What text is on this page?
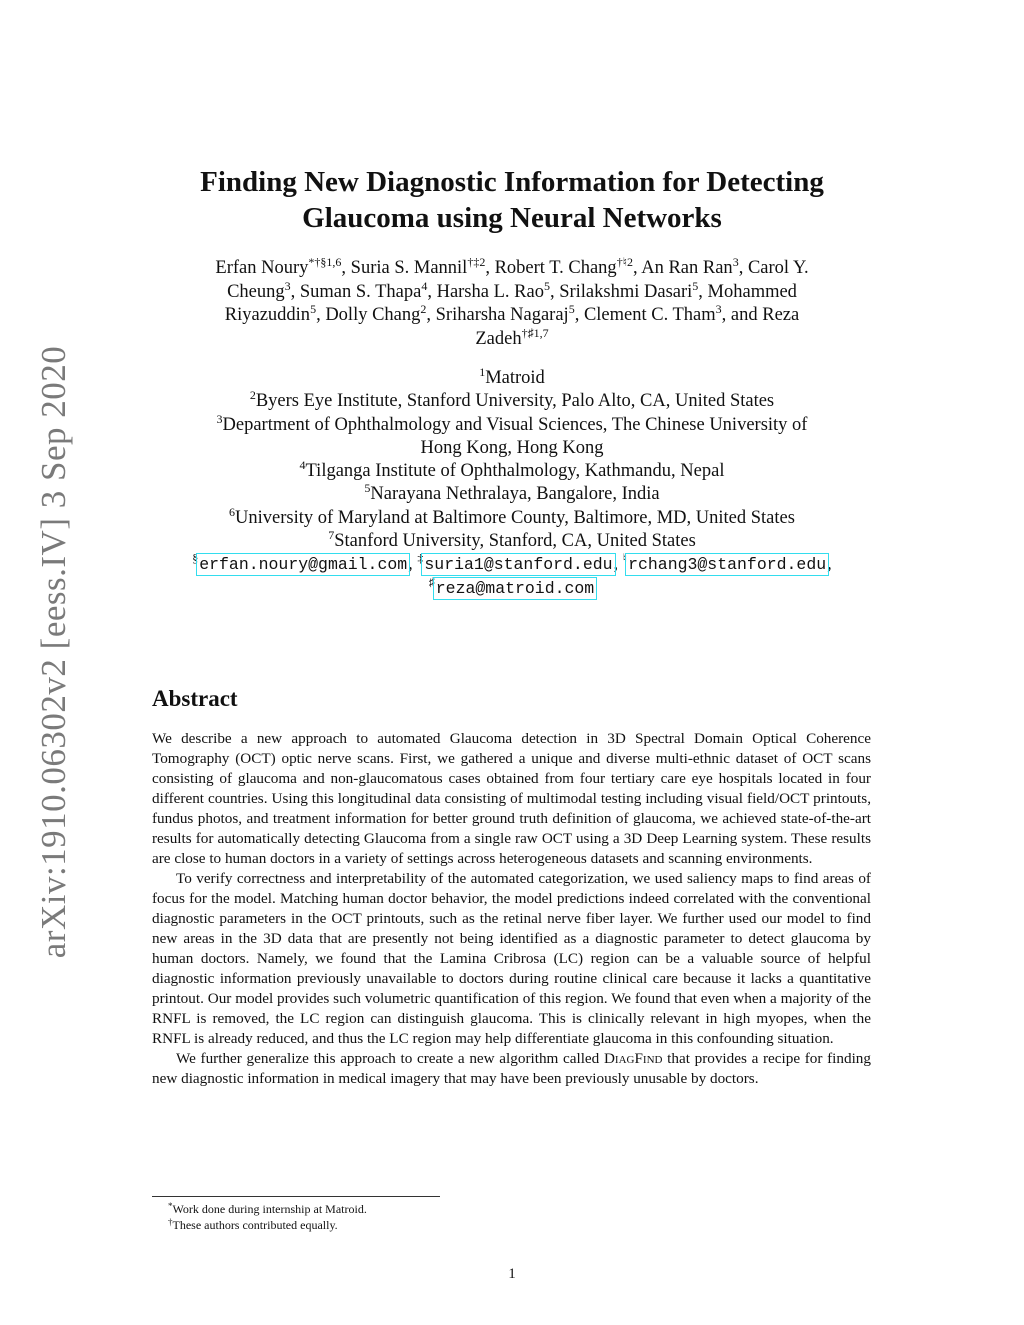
arXiv:1910.06302v2 [eess.IV] 3 Sep 2020
Finding New Diagnostic Information for Detecting
Glaucoma using Neural Networks
Erfan Noury$^{*\dagger\S 1,6}$, Suria S. Mannil$^{\dagger\ddagger 2}$, Robert T. Chang$^{\dagger♮2}$, An Ran Ran$^3$, Carol Y.
Cheung$^3$, Suman S. Thapa$^4$, Harsha L. Rao$^5$, Srilakshmi Dasari$^5$, Mohammed
Riyazuddin$^5$, Dolly Chang$^2$, Sriharsha Nagaraj$^5$, Clement C. Tham$^3$, and Reza
Zadeh$^{\dagger♯1,7}$
$^1$Matroid
$^2$Byers Eye Institute, Stanford University, Palo Alto, CA, United States
$^3$Department of Ophthalmology and Visual Sciences, The Chinese University of
Hong Kong, Hong Kong
$^4$Tilganga Institute of Ophthalmology, Kathmandu, Nepal
$^5$Narayana Nethralaya, Bangalore, India
$^6$University of Maryland at Baltimore County, Baltimore, MD, United States
$^7$Stanford University, Stanford, CA, United States
§erfan.noury@gmail.com, ‡suria1@stanford.edu, ♮rchang3@stanford.edu,
♯reza@matroid.com
Abstract

We describe a new approach to automated Glaucoma detection in 3D Spectral Domain Optical Coherence Tomography (OCT) optic nerve scans. First, we gathered a unique and diverse multi-ethnic dataset of OCT scans consisting of glaucoma and non-glaucomatous cases obtained from four tertiary care eye hospitals located in four different countries. Using this longitudinal data consisting of multimodal testing including visual field/OCT printouts, fundus photos, and treatment information for better ground truth definition of glaucoma, we achieved state-of-the-art results for automatically detecting Glaucoma from a single raw OCT using a 3D Deep Learning system. These results are close to human doctors in a variety of settings across heterogeneous datasets and scanning environments.

To verify correctness and interpretability of the automated categorization, we used saliency maps to find areas of focus for the model. Matching human doctor behavior, the model predictions indeed correlated with the conventional diagnostic parameters in the OCT printouts, such as the retinal nerve fiber layer. We further used our model to find new areas in the 3D data that are presently not being identified as a diagnostic parameter to detect glaucoma by human doctors. Namely, we found that the Lamina Cribrosa (LC) region can be a valuable source of helpful diagnostic information previously unavailable to doctors during routine clinical care because it lacks a quantitative printout. Our model provides such volumetric quantification of this region. We found that even when a majority of the RNFL is removed, the LC region can distinguish glaucoma. This is clinically relevant in high myopes, when the RNFL is already reduced, and thus the LC region may help differentiate glaucoma in this confounding situation.

We further generalize this approach to create a new algorithm called DiagFind that provides a recipe for finding new diagnostic information in medical imagery that may have been previously unusable by doctors.

*Work done during internship at Matroid.
†These authors contributed equally.
1
